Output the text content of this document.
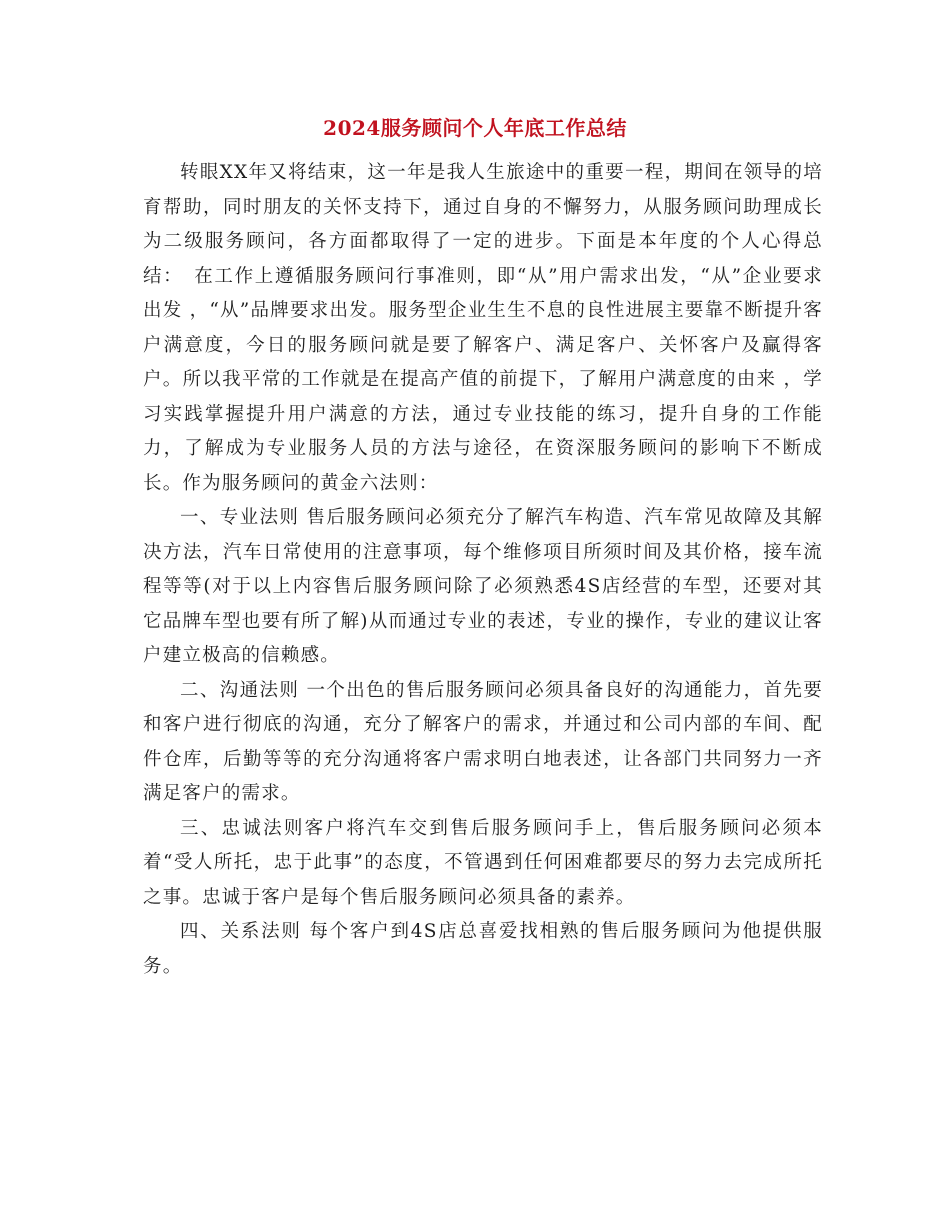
2024服务顾问个人年底工作总结

转眼XX年又将结束，这一年是我人生旅途中的重要一程，期间在领导的培育帮助，同时朋友的关怀支持下，通过自身的不懈努力，从服务顾问助理成长为二级服务顾问，各方面都取得了一定的进步。下面是本年度的个人心得总结：　在工作上遵循服务顾问行事准则，即“从”用户需求出发，“从”企业要求出发 ，“从”品牌要求出发。服务型企业生生不息的良性进展主要靠不断提升客户满意度，今日的服务顾问就是要了解客户、满足客户、关怀客户及赢得客户。所以我平常的工作就是在提高产值的前提下，了解用户满意度的由来 ，学习实践掌握提升用户满意的方法，通过专业技能的练习，提升自身的工作能力，了解成为专业服务人员的方法与途径，在资深服务顾问的影响下不断成长。作为服务顾问的黄金六法则：

一、专业法则 售后服务顾问必须充分了解汽车构造、汽车常见故障及其解决方法，汽车日常使用的注意事项，每个维修项目所须时间及其价格，接车流程等等(对于以上内容售后服务顾问除了必须熟悉4S店经营的车型，还要对其它品牌车型也要有所了解)从而通过专业的表述，专业的操作，专业的建议让客户建立极高的信赖感。

二、沟通法则 一个出色的售后服务顾问必须具备良好的沟通能力，首先要和客户进行彻底的沟通，充分了解客户的需求，并通过和公司内部的车间、配件仓库，后勤等等的充分沟通将客户需求明白地表述，让各部门共同努力一齐满足客户的需求。

三、忠诚法则客户将汽车交到售后服务顾问手上，售后服务顾问必须本着“受人所托，忠于此事”的态度，不管遇到任何困难都要尽的努力去完成所托之事。忠诚于客户是每个售后服务顾问必须具备的素养。

四、关系法则 每个客户到4S店总喜爱找相熟的售后服务顾问为他提供服务。
